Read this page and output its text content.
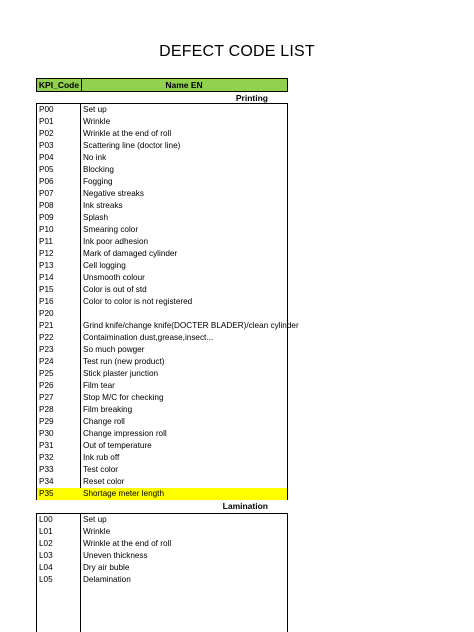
DEFECT CODE LIST
KPI_Code	Name EN
Printing
P00	Set up
P01	Wrinkle
P02	Wrinkle at the end of roll
P03	Scattering line (doctor line)
P04	No ink
P05	Blocking
P06	Fogging
P07	Negative streaks
P08	Ink streaks
P09	Splash
P10	Smearing color
P11	Ink poor adhesion
P12	Mark of damaged cylinder
P13	Cell logging
P14	Unsmooth colour
P15	Color is out of std
P16	Color to color is not registered
P20
P21	Grind knife/change knife(DOCTER BLADER)/clean cylinder
P22	Contaimination dust,grease,insect...
P23	So much powger
P24	Test run (new product)
P25	Stick plaster junction
P26	Film tear
P27	Stop M/C for checking
P28	Film breaking
P29	Change roll
P30	Change impression roll
P31	Out of temperature
P32	Ink rub off
P33	Test color
P34	Reset color
P35	Shortage meter length
Lamination
L00	Set up
L01	Wrinkle
L02	Wrinkle at the end of roll
L03	Uneven thickness
L04	Dry air buble
L05	Delamination
